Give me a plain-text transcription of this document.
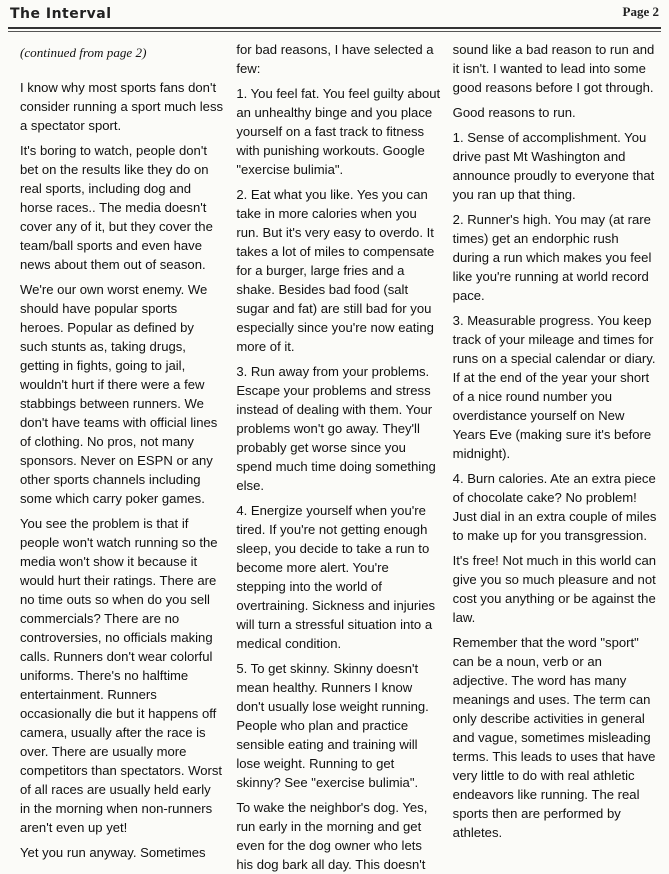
The Interval	Page 2

(continued from page 2)

I know why most sports fans don't consider running a sport much less a spectator sport.

It's boring to watch, people don't bet on the results like they do on real sports, including dog and horse races.. The media doesn't cover any of it, but they cover the team/ball sports and even have news about them out of season.

We're our own worst enemy. We should have popular sports heroes. Popular as defined by such stunts as, taking drugs, getting in fights, going to jail, wouldn't hurt if there were a few stabbings between runners. We don't have teams with official lines of clothing. No pros, not many sponsors. Never on ESPN or any other sports channels including some which carry poker games.

You see the problem is that if people won't watch running so the media won't show it because it would hurt their ratings. There are no time outs so when do you sell commercials? There are no controversies, no officials making calls. Runners don't wear colorful uniforms. There's no halftime entertainment. Runners occasionally die but it happens off camera, usually after the race is over. There are usually more competitors than spectators. Worst of all races are usually held early in the morning when non-runners aren't even up yet!

Yet you run anyway. Sometimes

for bad reasons, I have selected a few:

1. You feel fat. You feel guilty about an unhealthy binge and you place yourself on a fast track to fitness with punishing workouts. Google "exercise bulimia".

2. Eat what you like. Yes you can take in more calories when you run. But it's very easy to overdo. It takes a lot of miles to compensate for a burger, large fries and a shake. Besides bad food (salt sugar and fat) are still bad for you especially since you're now eating more of it.

3. Run away from your problems. Escape your problems and stress instead of dealing with them. Your problems won't go away. They'll probably get worse since you spend much time doing something else.

4. Energize yourself when you're tired. If you're not getting enough sleep, you decide to take a run to become more alert. You're stepping into the world of overtraining. Sickness and injuries will turn a stressful situation into a medical condition.

5. To get skinny. Skinny doesn't mean healthy. Runners I know don't usually lose weight running. People who plan and practice sensible eating and training will lose weight. Running to get skinny? See "exercise bulimia".

To wake the neighbor's dog. Yes, run early in the morning and get even for the dog owner who lets his dog bark all day. This doesn't

sound like a bad reason to run and it isn't. I wanted to lead into some good reasons before I got through.

Good reasons to run.

1. Sense of accomplishment. You drive past Mt Washington and announce proudly to everyone that you ran up that thing.

2. Runner's high. You may (at rare times) get an endorphic rush during a run which makes you feel like you're running at world record pace.

3. Measurable progress. You keep track of your mileage and times for runs on a special calendar or diary. If at the end of the year your short of a nice round number you overdistance yourself on New Years Eve (making sure it's before midnight).

4. Burn calories. Ate an extra piece of chocolate cake? No problem! Just dial in an extra couple of miles to make up for you transgression.

It's free! Not much in this world can give you so much pleasure and not cost you anything or be against the law.

Remember that the word "sport" can be a noun, verb or an adjective. The word has many meanings and uses. The term can only describe activities in general and vague, sometimes misleading terms. This leads to uses that have very little to do with real athletic endeavors like running. The real sports then are performed by athletes.
